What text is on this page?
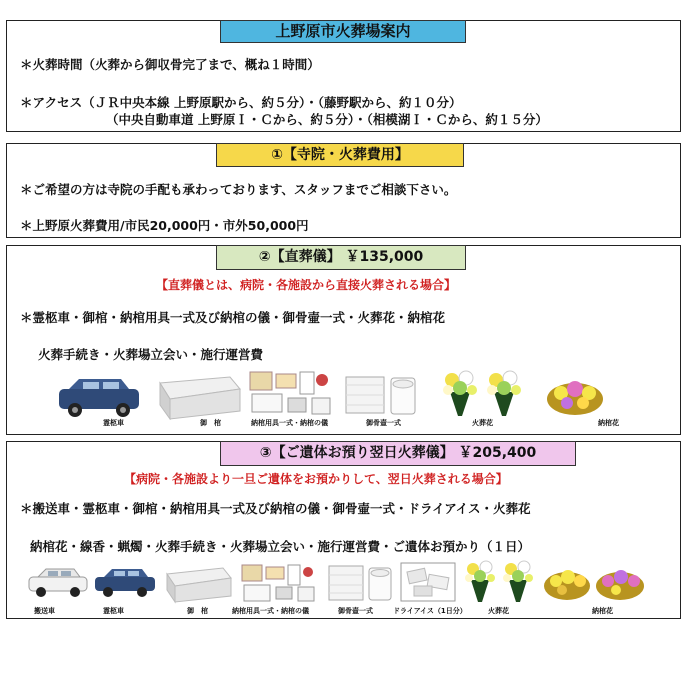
上野原市火葬場案内
＊火葬時間（火葬から御収骨完了まで、概ね１時間）
＊アクセス（ＪＲ中央本線 上野原駅から、約５分）・（藤野駅から、約１０分）
（中央自動車道 上野原Ｉ・Ｃから、約５分）・（相模湖Ｉ・Ｃから、約１５分）
①【寺院・火葬費用】
＊ご希望の方は寺院の手配も承わっております、スタッフまでご相談下さい。
＊上野原火葬費用/市民20,000円・市外50,000円
②【直葬儀】 ￥135,000
【直葬儀とは、病院・各施設から直接火葬される場合】
＊霊柩車・御棺・納棺用具一式及び納棺の儀・御骨壷一式・火葬花・納棺花
火葬手続き・火葬場立会い・施行運営費
霊柩車	御　棺	納棺用具一式・納棺の儀	御骨壷一式	火葬花	納棺花
③【ご遺体お預り翌日火葬儀】 ￥205,400
【病院・各施設より一旦ご遺体をお預かりして、翌日火葬される場合】
＊搬送車・霊柩車・御棺・納棺用具一式及び納棺の儀・御骨壷一式・ドライアイス・火葬花
納棺花・線香・蝋燭・火葬手続き・火葬場立会い・施行運営費・ご遺体お預かり（１日）
搬送車	霊柩車	御　棺	納棺用具一式・納棺の儀	御骨壷一式	ドライアイス（1日分）	火葬花	納棺花
